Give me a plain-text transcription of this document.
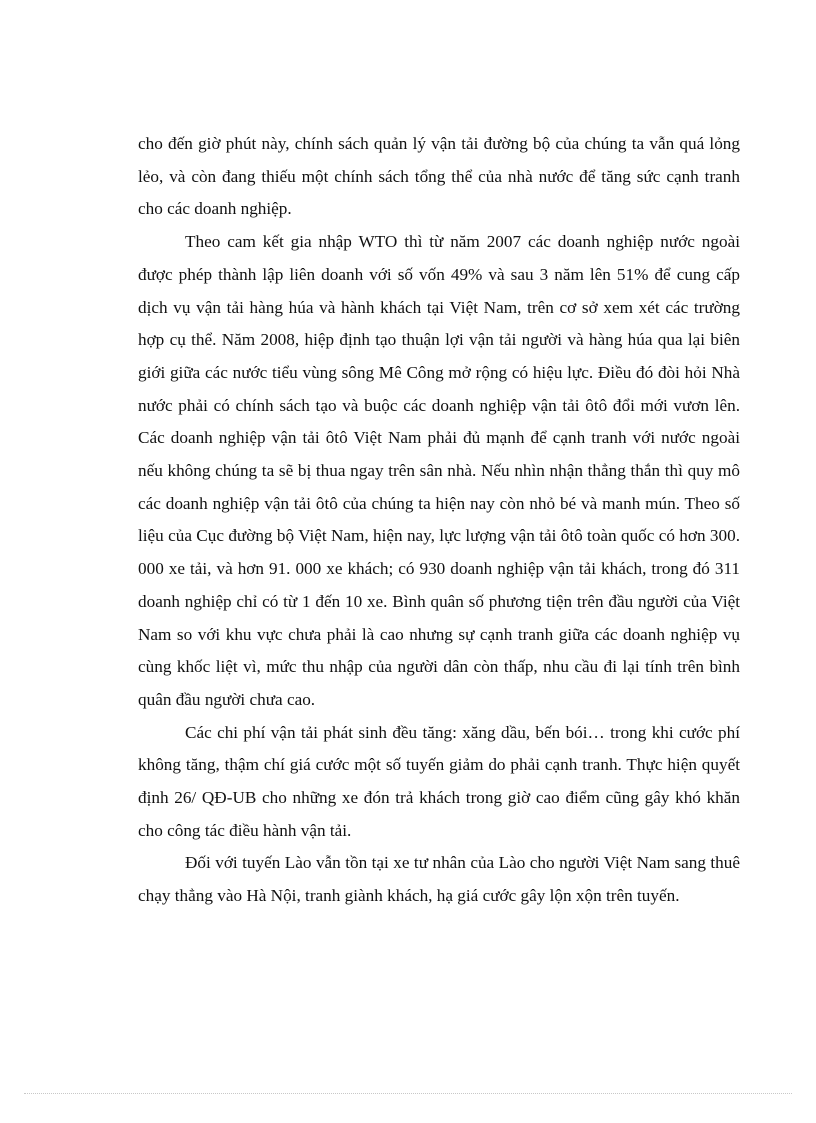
cho đến giờ phút này, chính sách quản lý vận tải đường bộ của chúng ta vẫn quá lỏng lẻo, và còn đang thiếu một chính sách tổng thể của nhà nước để tăng sức cạnh tranh cho các doanh nghiệp.

Theo cam kết gia nhập WTO thì từ năm 2007 các doanh nghiệp nước ngoài được phép thành lập liên doanh với số vốn 49% và sau 3 năm lên 51% để cung cấp dịch vụ vận tải hàng húa và hành khách tại Việt Nam, trên cơ sở xem xét các trường hợp cụ thể. Năm 2008, hiệp định tạo thuận lợi vận tải người và hàng húa qua lại biên giới giữa các nước tiểu vùng sông Mê Công mở rộng có hiệu lực. Điều đó đòi hỏi Nhà nước phải có chính sách tạo và buộc các doanh nghiệp vận tải ôtô đổi mới vươn lên. Các doanh nghiệp vận tải ôtô Việt Nam phải đủ mạnh để cạnh tranh với nước ngoài nếu không chúng ta sẽ bị thua ngay trên sân nhà. Nếu nhìn nhận thẳng thắn thì quy mô các doanh nghiệp vận tải ôtô của chúng ta hiện nay còn nhỏ bé và manh mún. Theo số liệu của Cục đường bộ Việt Nam, hiện nay, lực lượng vận tải ôtô toàn quốc có hơn 300. 000 xe tải, và hơn 91. 000 xe khách; có 930 doanh nghiệp vận tải khách, trong đó 311 doanh nghiệp chỉ có từ 1 đến 10 xe. Bình quân số phương tiện trên đầu người của Việt Nam so với khu vực chưa phải là cao nhưng sự cạnh tranh giữa các doanh nghiệp vụ cùng khốc liệt vì, mức thu nhập của người dân còn thấp, nhu cầu đi lại tính trên bình quân đầu người chưa cao.

Các chi phí vận tải phát sinh đều tăng: xăng dầu, bến bói… trong khi cước phí không tăng, thậm chí giá cước một số tuyến giảm do phải cạnh tranh. Thực hiện quyết định 26/ QĐ-UB cho những xe đón trả khách trong giờ cao điểm cũng gây khó khăn cho công tác điều hành vận tải.

Đối với tuyến Lào vẫn tồn tại xe tư nhân của Lào cho người Việt Nam sang thuê chạy thẳng vào Hà Nội, tranh giành khách, hạ giá cước gây lộn xộn trên tuyến.
